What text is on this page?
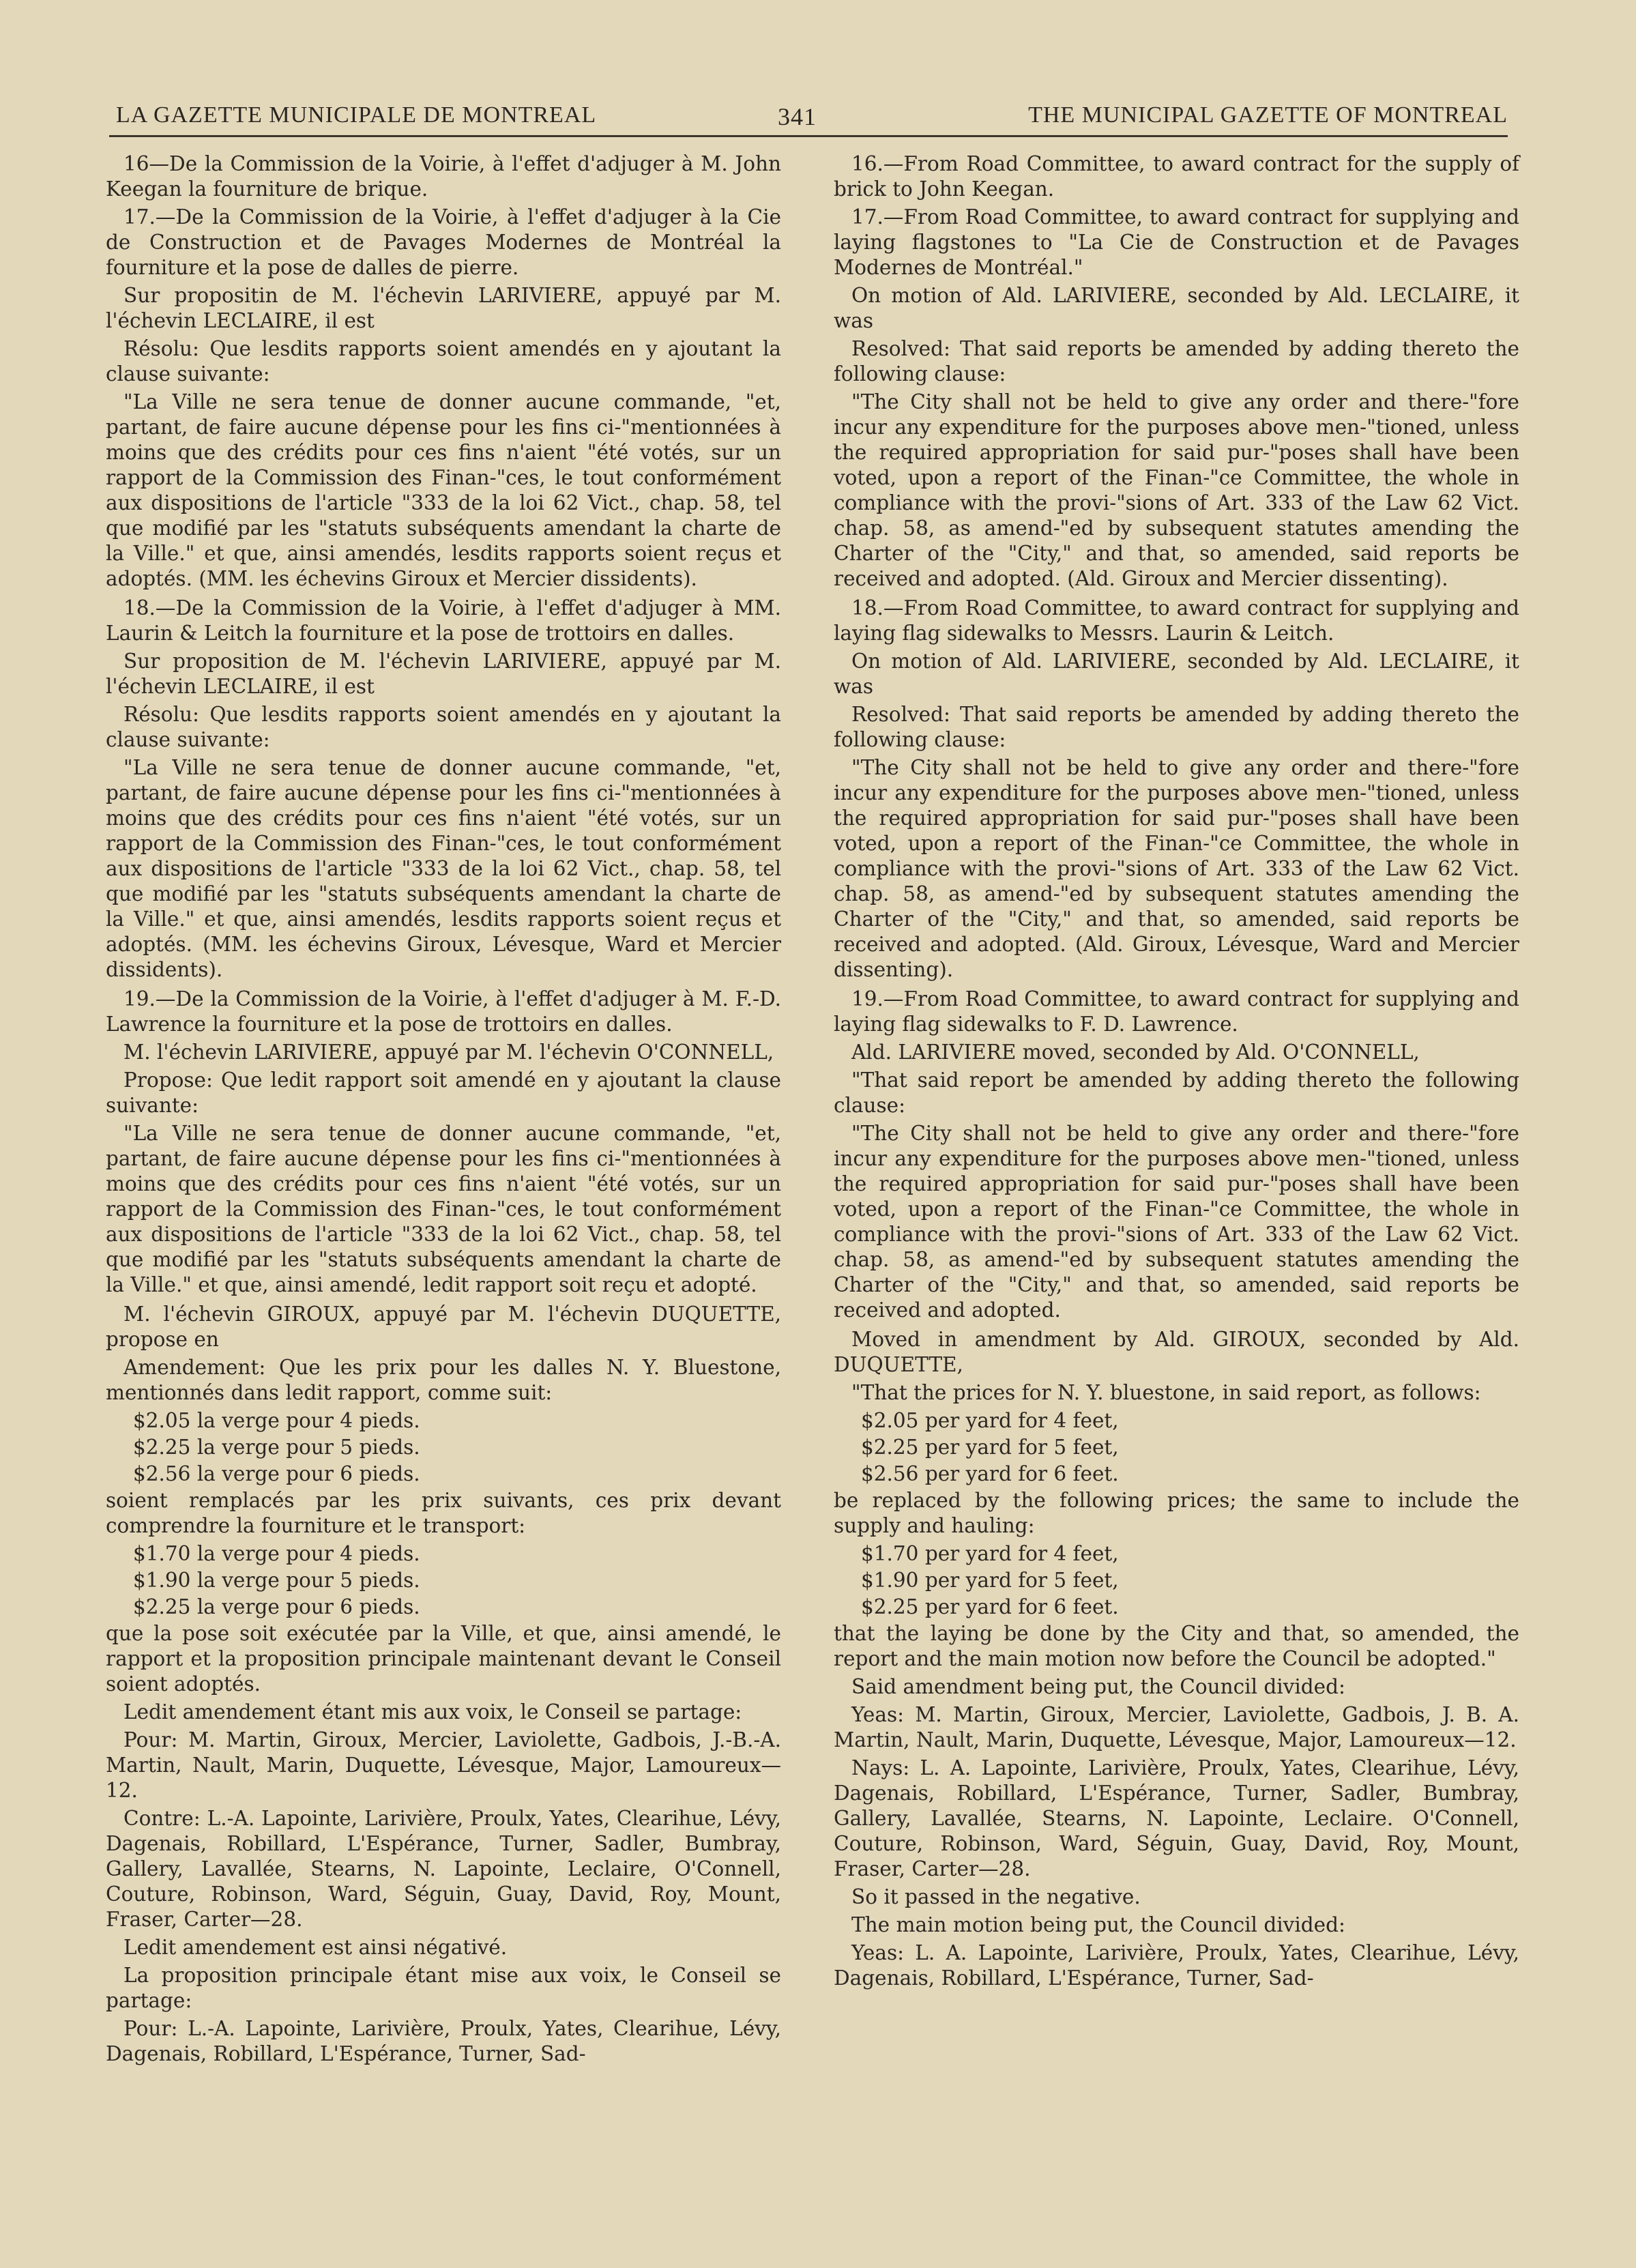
LA GAZETTE MUNICIPALE DE MONTREAL	341	THE MUNICIPAL GAZETTE OF MONTREAL

16—De la Commission de la Voirie, à l'effet d'adjuger à M. John Keegan la fourniture de brique.

17.—De la Commission de la Voirie, à l'effet d'adjuger à la Cie de Construction et de Pavages Modernes de Montréal la fourniture et la pose de dalles de pierre.

Sur propositin de M. l'échevin LARIVIERE, appuyé par M. l'échevin LECLAIRE, il est

Résolu: Que lesdits rapports soient amendés en y ajoutant la clause suivante:

"La Ville ne sera tenue de donner aucune commande, "et, partant, de faire aucune dépense pour les fins ci-"mentionnées à moins que des crédits pour ces fins n'aient "été votés, sur un rapport de la Commission des Finan-"ces, le tout conformément aux dispositions de l'article "333 de la loi 62 Vict., chap. 58, tel que modifié par les "statuts subséquents amendant la charte de la Ville." et que, ainsi amendés, lesdits rapports soient reçus et adoptés. (MM. les échevins Giroux et Mercier dissidents).

18.—De la Commission de la Voirie, à l'effet d'adjuger à MM. Laurin & Leitch la fourniture et la pose de trottoirs en dalles.

Sur proposition de M. l'échevin LARIVIERE, appuyé par M. l'échevin LECLAIRE, il est

Résolu: Que lesdits rapports soient amendés en y ajoutant la clause suivante:

"La Ville ne sera tenue de donner aucune commande, "et, partant, de faire aucune dépense pour les fins ci-"mentionnées à moins que des crédits pour ces fins n'aient "été votés, sur un rapport de la Commission des Finan-"ces, le tout conformément aux dispositions de l'article "333 de la loi 62 Vict., chap. 58, tel que modifié par les "statuts subséquents amendant la charte de la Ville." et que, ainsi amendés, lesdits rapports soient reçus et adoptés. (MM. les échevins Giroux, Lévesque, Ward et Mercier dissidents).

19.—De la Commission de la Voirie, à l'effet d'adjuger à M. F.-D. Lawrence la fourniture et la pose de trottoirs en dalles.

M. l'échevin LARIVIERE, appuyé par M. l'échevin O'CONNELL,

Propose: Que ledit rapport soit amendé en y ajoutant la clause suivante:

"La Ville ne sera tenue de donner aucune commande, "et, partant, de faire aucune dépense pour les fins ci-"mentionnées à moins que des crédits pour ces fins n'aient "été votés, sur un rapport de la Commission des Finan-"ces, le tout conformément aux dispositions de l'article "333 de la loi 62 Vict., chap. 58, tel que modifié par les "statuts subséquents amendant la charte de la Ville." et que, ainsi amendé, ledit rapport soit reçu et adopté.

M. l'échevin GIROUX, appuyé par M. l'échevin DUQUETTE, propose en

Amendement: Que les prix pour les dalles N. Y. Bluestone, mentionnés dans ledit rapport, comme suit:

$2.05 la verge pour 4 pieds.

$2.25 la verge pour 5 pieds.

$2.56 la verge pour 6 pieds.

soient remplacés par les prix suivants, ces prix devant comprendre la fourniture et le transport:

$1.70 la verge pour 4 pieds.

$1.90 la verge pour 5 pieds.

$2.25 la verge pour 6 pieds.

que la pose soit exécutée par la Ville, et que, ainsi amendé, le rapport et la proposition principale maintenant devant le Conseil soient adoptés.

Ledit amendement étant mis aux voix, le Conseil se partage:

Pour: M. Martin, Giroux, Mercier, Laviolette, Gadbois, J.-B.-A. Martin, Nault, Marin, Duquette, Lévesque, Major, Lamoureux—12.

Contre: L.-A. Lapointe, Larivière, Proulx, Yates, Clearihue, Lévy, Dagenais, Robillard, L'Espérance, Turner, Sadler, Bumbray, Gallery, Lavallée, Stearns, N. Lapointe, Leclaire, O'Connell, Couture, Robinson, Ward, Séguin, Guay, David, Roy, Mount, Fraser, Carter—28.

Ledit amendement est ainsi négativé.

La proposition principale étant mise aux voix, le Conseil se partage:

Pour: L.-A. Lapointe, Larivière, Proulx, Yates, Clearihue, Lévy, Dagenais, Robillard, L'Espérance, Turner, Sad-

16.—From Road Committee, to award contract for the supply of brick to John Keegan.

17.—From Road Committee, to award contract for supplying and laying flagstones to "La Cie de Construction et de Pavages Modernes de Montréal."

On motion of Ald. LARIVIERE, seconded by Ald. LECLAIRE, it was

Resolved: That said reports be amended by adding thereto the following clause:

"The City shall not be held to give any order and there-"fore incur any expenditure for the purposes above men-"tioned, unless the required appropriation for said pur-"poses shall have been voted, upon a report of the Finan-"ce Committee, the whole in compliance with the provi-"sions of Art. 333 of the Law 62 Vict. chap. 58, as amend-"ed by subsequent statutes amending the Charter of the "City," and that, so amended, said reports be received and adopted. (Ald. Giroux and Mercier dissenting).

18.—From Road Committee, to award contract for supplying and laying flag sidewalks to Messrs. Laurin & Leitch.

On motion of Ald. LARIVIERE, seconded by Ald. LECLAIRE, it was

Resolved: That said reports be amended by adding thereto the following clause:

"The City shall not be held to give any order and there-"fore incur any expenditure for the purposes above men-"tioned, unless the required appropriation for said pur-"poses shall have been voted, upon a report of the Finan-"ce Committee, the whole in compliance with the provi-"sions of Art. 333 of the Law 62 Vict. chap. 58, as amend-"ed by subsequent statutes amending the Charter of the "City," and that, so amended, said reports be received and adopted. (Ald. Giroux, Lévesque, Ward and Mercier dissenting).

19.—From Road Committee, to award contract for supplying and laying flag sidewalks to F. D. Lawrence.

Ald. LARIVIERE moved, seconded by Ald. O'CONNELL,

"That said report be amended by adding thereto the following clause:

"The City shall not be held to give any order and there-"fore incur any expenditure for the purposes above men-"tioned, unless the required appropriation for said pur-"poses shall have been voted, upon a report of the Finan-"ce Committee, the whole in compliance with the provi-"sions of Art. 333 of the Law 62 Vict. chap. 58, as amend-"ed by subsequent statutes amending the Charter of the "City," and that, so amended, said reports be received and adopted.

Moved in amendment by Ald. GIROUX, seconded by Ald. DUQUETTE,

"That the prices for N. Y. bluestone, in said report, as follows:

$2.05 per yard for 4 feet,

$2.25 per yard for 5 feet,

$2.56 per yard for 6 feet.

be replaced by the following prices; the same to include the supply and hauling:

$1.70 per yard for 4 feet,

$1.90 per yard for 5 feet,

$2.25 per yard for 6 feet.

that the laying be done by the City and that, so amended, the report and the main motion now before the Council be adopted."

Said amendment being put, the Council divided:

Yeas: M. Martin, Giroux, Mercier, Laviolette, Gadbois, J. B. A. Martin, Nault, Marin, Duquette, Lévesque, Major, Lamoureux—12.

Nays: L. A. Lapointe, Larivière, Proulx, Yates, Clearihue, Lévy, Dagenais, Robillard, L'Espérance, Turner, Sadler, Bumbray, Gallery, Lavallée, Stearns, N. Lapointe, Leclaire. O'Connell, Couture, Robinson, Ward, Séguin, Guay, David, Roy, Mount, Fraser, Carter—28.

So it passed in the negative.

The main motion being put, the Council divided:

Yeas: L. A. Lapointe, Larivière, Proulx, Yates, Clearihue, Lévy, Dagenais, Robillard, L'Espérance, Turner, Sad-
